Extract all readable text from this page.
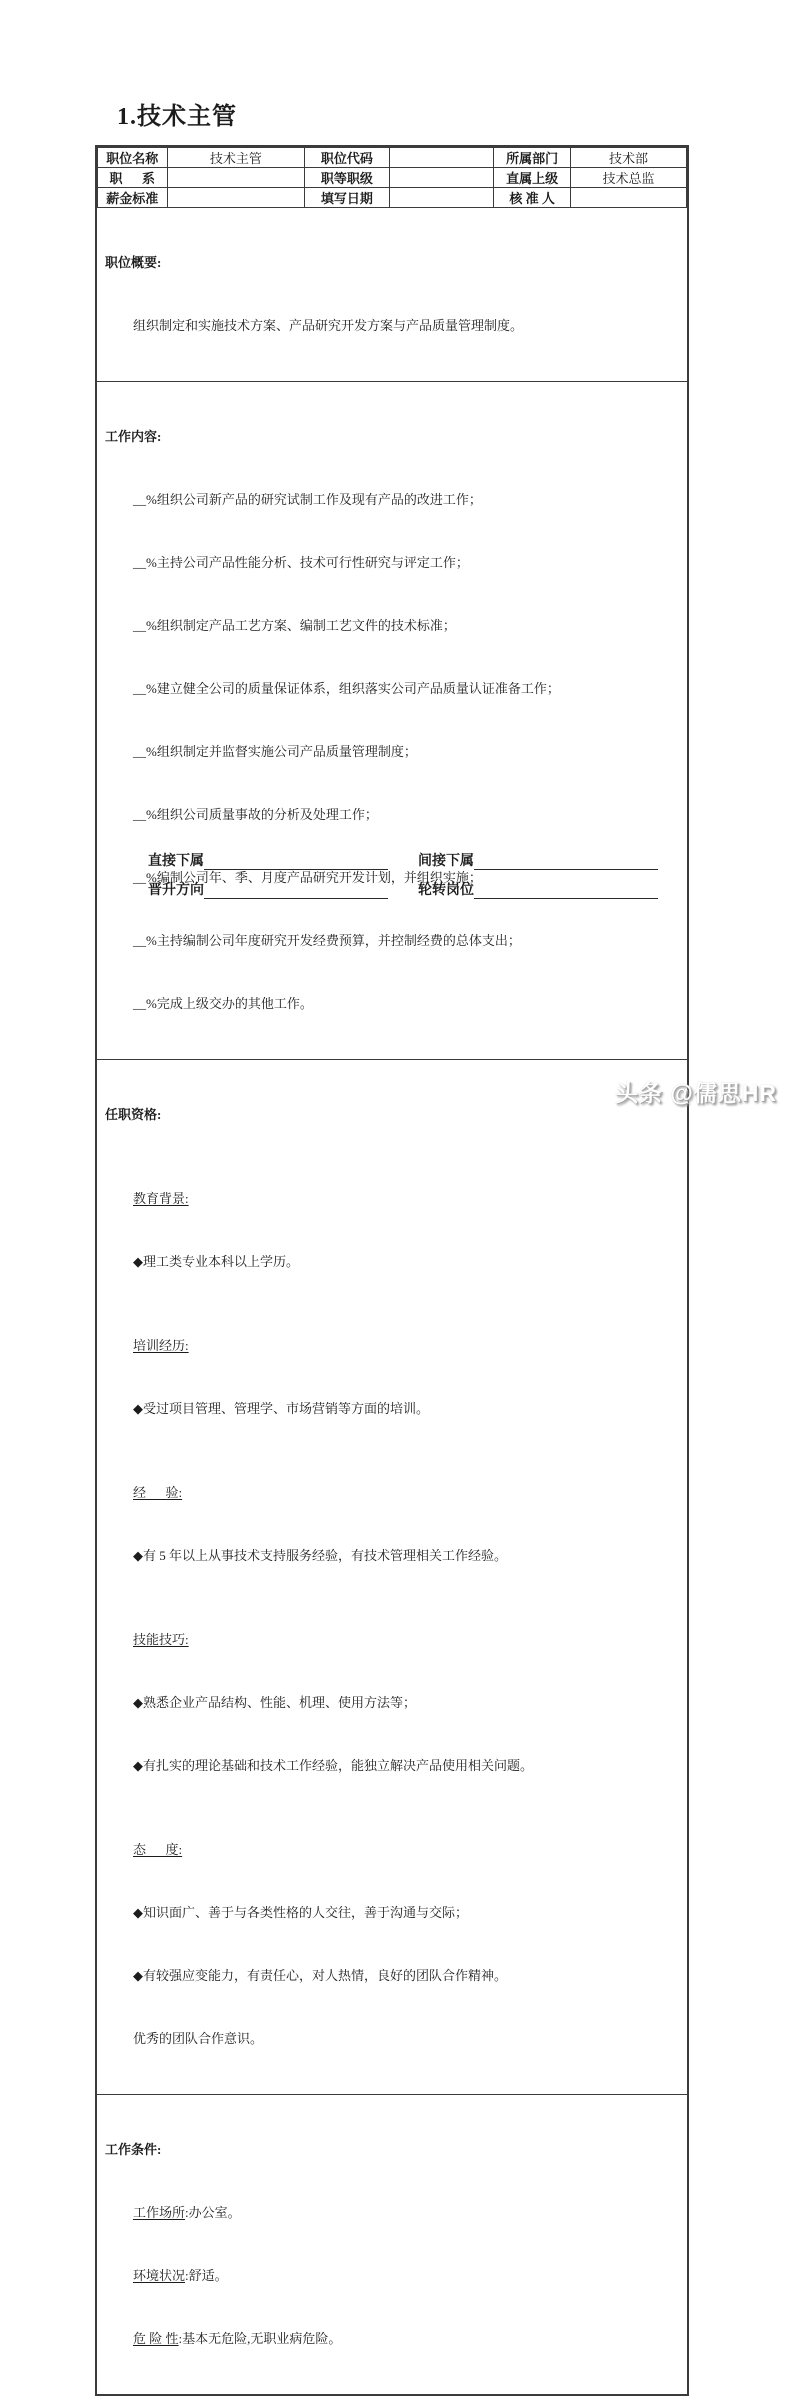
1.技术主管
职位名称	技术主管	职位代码		所属部门	技术部
职      系		职等职级		直属上级	技术总监
薪金标准		填写日期		核 准 人	

职位概要:

组织制定和实施技术方案、产品研究开发方案与产品质量管理制度。

工作内容:

__%组织公司新产品的研究试制工作及现有产品的改进工作；

__%主持公司产品性能分析、技术可行性研究与评定工作；

__%组织制定产品工艺方案、编制工艺文件的技术标准；

__%建立健全公司的质量保证体系，组织落实公司产品质量认证准备工作；

__%组织制定并监督实施公司产品质量管理制度；

__%组织公司质量事故的分析及处理工作；

__%编制公司年、季、月度产品研究开发计划，并组织实施；

__%主持编制公司年度研究开发经费预算，并控制经费的总体支出；

__%完成上级交办的其他工作。

任职资格:

教育背景:

◆理工类专业本科以上学历。

培训经历:

◆受过项目管理、管理学、市场营销等方面的培训。

经      验:

◆有 5 年以上从事技术支持服务经验，有技术管理相关工作经验。

技能技巧:

◆熟悉企业产品结构、性能、机理、使用方法等；

◆有扎实的理论基础和技术工作经验，能独立解决产品使用相关问题。

态      度:

◆知识面广、善于与各类性格的人交往，善于沟通与交际；

◆有较强应变能力，有责任心，对人热情，良好的团队合作精神。

优秀的团队合作意识。

工作条件:

工作场所:办公室。

环境状况:舒适。

危 险 性:基本无危险,无职业病危险。

直接下属	间接下属
晋升方向	轮转岗位
头条 @儒思HR
